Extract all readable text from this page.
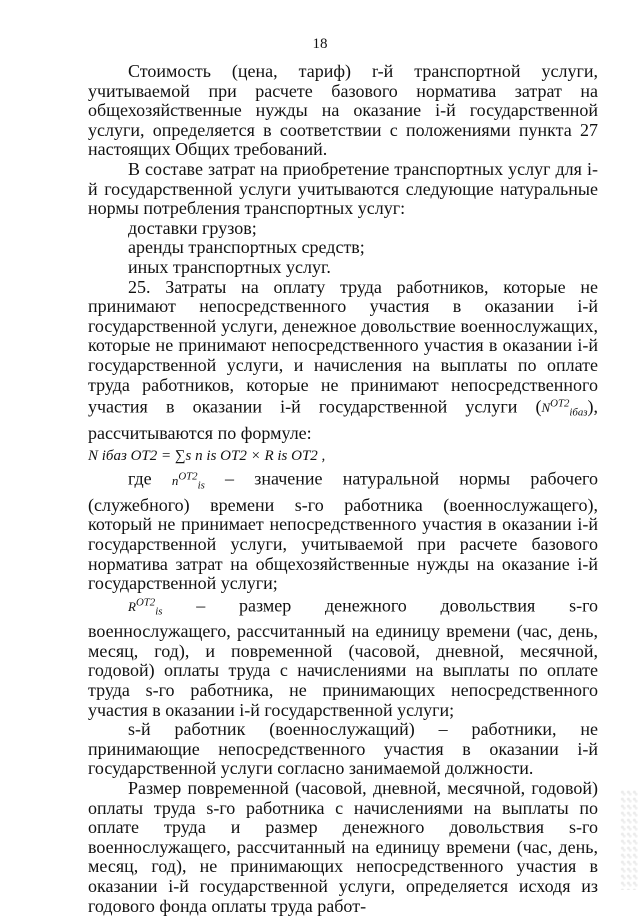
18

Стоимость (цена, тариф) r-й транспортной услуги, учитываемой при расчете базового норматива затрат на общехозяйственные нужды на оказание i-й государственной услуги, определяется в соответствии с положениями пункта 27 настоящих Общих требований.

В составе затрат на приобретение транспортных услуг для i-й государственной услуги учитываются следующие натуральные нормы потребления транспортных услуг:

доставки грузов;

аренды транспортных средств;

иных транспортных услуг.

25. Затраты на оплату труда работников, которые не принимают непосредственного участия в оказании i-й государственной услуги, денежное довольствие военнослужащих, которые не принимают непосредственного участия в оказании i-й государственной услуги, и начисления на выплаты по оплате труда работников, которые не принимают непосредственного участия в оказании i-й государственной услуги $(N^{ОТ2}_{iбаз})$, рассчитываются по формуле:

N iбаз ОТ2 = ∑s n is ОТ2 × R is ОТ2 ,

где $n^{ОТ2}_{is}$ – значение натуральной нормы рабочего (служебного) времени s-го работника (военнослужащего), который не принимает непосредственного участия в оказании i-й государственной услуги, учитываемой при расчете базового норматива затрат на общехозяйственные нужды на оказание i-й государственной услуги;

$R^{ОТ2}_{is}$ – размер денежного довольствия s-го военнослужащего, рассчитанный на единицу времени (час, день, месяц, год), и повременной (часовой, дневной, месячной, годовой) оплаты труда с начислениями на выплаты по оплате труда s-го работника, не принимающих непосредственного участия в оказании i-й государственной услуги;

s-й работник (военнослужащий) – работники, не принимающие непосредственного участия в оказании i-й государственной услуги согласно занимаемой должности.

Размер повременной (часовой, дневной, месячной, годовой) оплаты труда s-го работника с начислениями на выплаты по оплате труда и размер денежного довольствия s-го военнослужащего, рассчитанный на единицу времени (час, день, месяц, год), не принимающих непосредственного участия в оказании i-й государственной услуги, определяется исходя из годового фонда оплаты труда работ-
